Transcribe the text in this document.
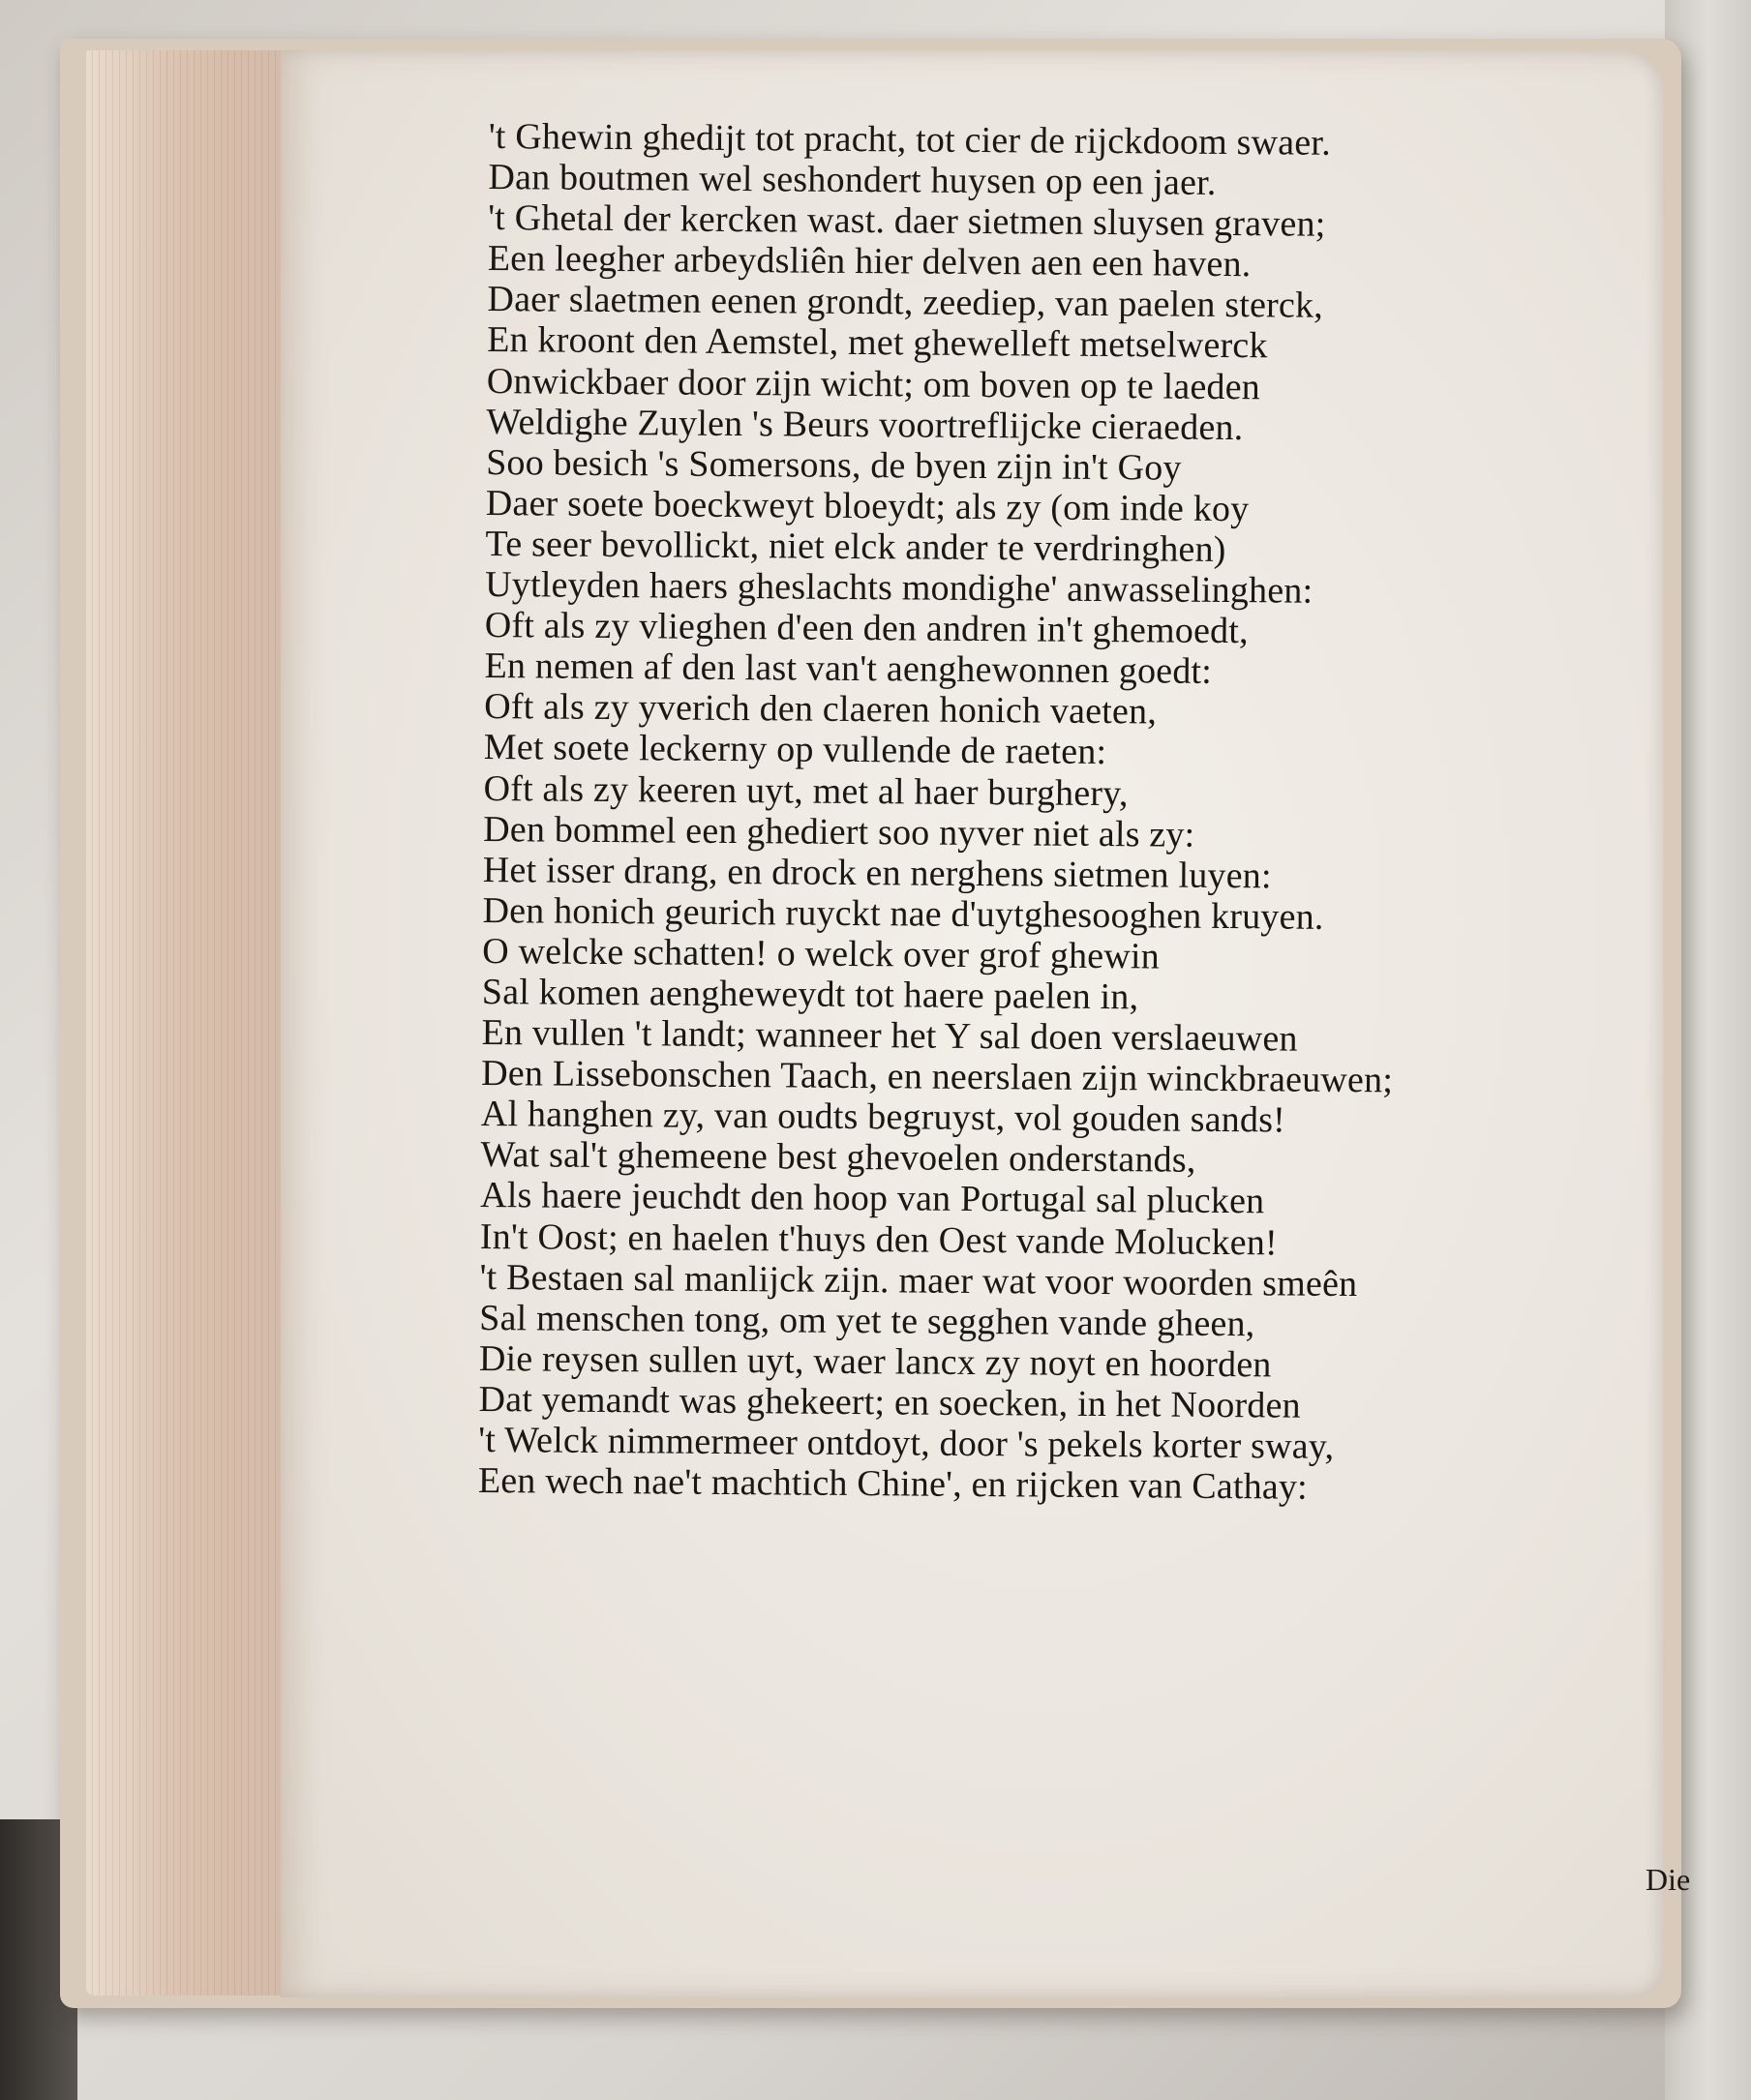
't Ghewin ghedijt tot pracht, tot cier de rijckdoom swaer.
Dan boutmen wel seshondert huysen op een jaer.
't Ghetal der kercken wast. daer sietmen sluysen graven;
Een leegher arbeydsliên hier delven aen een haven.
Daer slaetmen eenen grondt, zeediep, van paelen sterck,
En kroont den Aemstel, met ghewelleft metselwerck
Onwickbaer door zijn wicht; om boven op te laeden
Weldighe Zuylen 's Beurs voortreflijcke cieraeden.
Soo besich 's Somersons, de byen zijn in't Goy
Daer soete boeckweyt bloeydt; als zy (om inde koy
Te seer bevollickt, niet elck ander te verdringhen)
Uytleyden haers gheslachts mondighe' anwasselinghen:
Oft als zy vlieghen d'een den andren in't ghemoedt,
En nemen af den last van't aenghewonnen goedt:
Oft als zy yverich den claeren honich vaeten,
Met soete leckerny op vullende de raeten:
Oft als zy keeren uyt, met al haer burghery,
Den bommel een ghediert soo nyver niet als zy:
Het isser drang, en drock en nerghens sietmen luyen:
Den honich geurich ruyckt nae d'uytghesooghen kruyen.
O welcke schatten! o welck over grof ghewin
Sal komen aengheweydt tot haere paelen in,
En vullen 't landt; wanneer het Y sal doen verslaeuwen
Den Lissebonschen Taach, en neerslaen zijn winckbraeuwen;
Al hanghen zy, van oudts begruyst, vol gouden sands!
Wat sal't ghemeene best ghevoelen onderstands,
Als haere jeuchdt den hoop van Portugal sal plucken
In't Oost; en haelen t'huys den Oest vande Molucken!
't Bestaen sal manlijck zijn. maer wat voor woorden smeên
Sal menschen tong, om yet te segghen vande gheen,
Die reysen sullen uyt, waer lancx zy noyt en hoorden
Dat yemandt was ghekeert; en soecken, in het Noorden
't Welck nimmermeer ontdoyt, door 's pekels korter sway,
Een wech nae't machtich Chine', en rijcken van Cathay:
Die
